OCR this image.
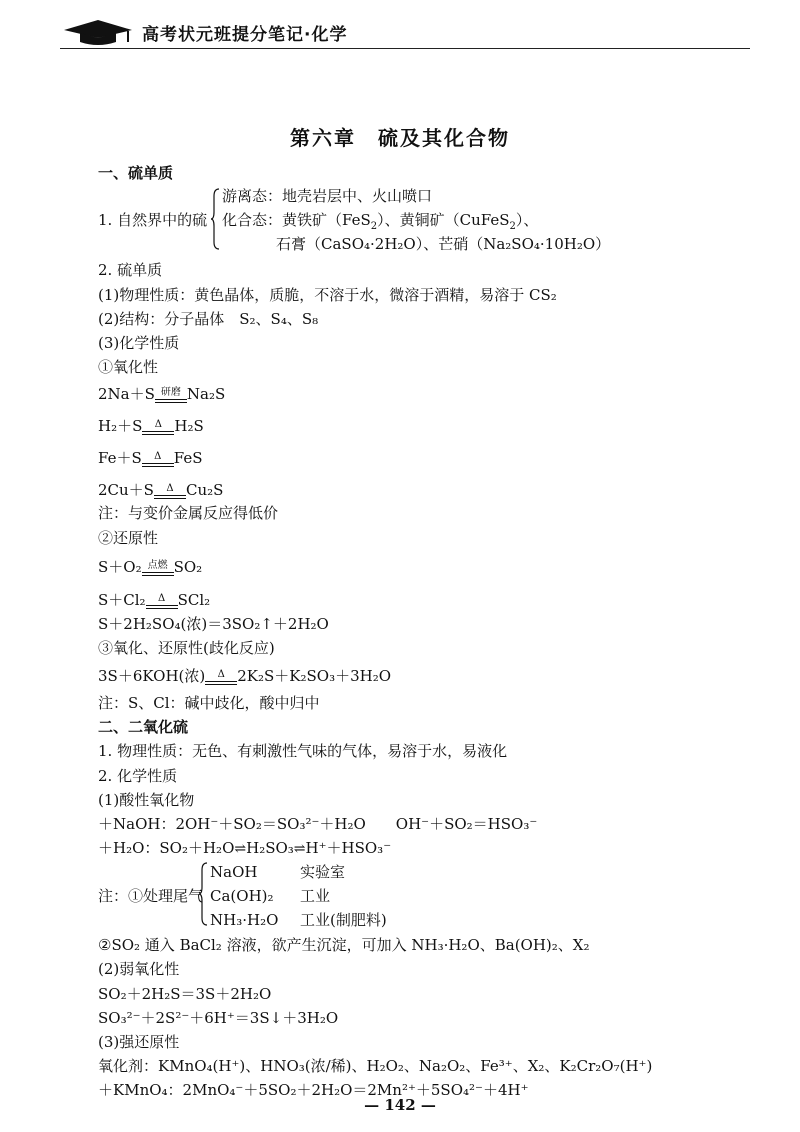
高考状元班提分笔记·化学
第六章　硫及其化合物
一、硫单质
1. 自然界中的硫
游离态：地壳岩层中、火山喷口
化合态：黄铁矿（FeS$_2$）、黄铜矿（CuFeS$_2$）、
石膏（CaSO₄·2H₂O）、芒硝（Na₂SO₄·10H₂O）
2. 硫单质
(1)物理性质：黄色晶体，质脆，不溶于水，微溶于酒精，易溶于 CS₂
(2)结构：分子晶体　S₂、S₄、S₈
(3)化学性质
①氧化性
2Na＋S 研磨 Na₂S
H₂＋S	Δ H₂S
Fe＋S	Δ FeS
2Cu＋S	Δ Cu₂S
注：与变价金属反应得低价
②还原性
S＋O₂ 点燃 SO₂
S＋Cl₂	Δ SCl₂
S＋2H₂SO₄(浓)＝3SO₂↑＋2H₂O
③氧化、还原性(歧化反应)
3S＋6KOH(浓)	Δ 2K₂S＋K₂SO₃＋3H₂O
注：S、Cl：碱中歧化，酸中归中
二、二氧化硫
1. 物理性质：无色、有刺激性气味的气体，易溶于水，易液化
2. 化学性质
(1)酸性氧化物
＋NaOH：2OH⁻＋SO₂＝SO₃²⁻＋H₂O　　OH⁻＋SO₂＝HSO₃⁻
＋H₂O：SO₂＋H₂O⇌H₂SO₃⇌H⁺＋HSO₃⁻
注：①处理尾气
NaOH	实验室
Ca(OH)₂ 工业
NH₃·H₂O 工业(制肥料)
②SO₂ 通入 BaCl₂ 溶液，欲产生沉淀，可加入 NH₃·H₂O、Ba(OH)₂、X₂
(2)弱氧化性
SO₂＋2H₂S＝3S＋2H₂O
SO₃²⁻＋2S²⁻＋6H⁺＝3S↓＋3H₂O
(3)强还原性
氧化剂：KMnO₄(H⁺)、HNO₃(浓/稀)、H₂O₂、Na₂O₂、Fe³⁺、X₂、K₂Cr₂O₇(H⁺)
＋KMnO₄：2MnO₄⁻＋5SO₂＋2H₂O＝2Mn²⁺＋5SO₄²⁻＋4H⁺
— 142 —
